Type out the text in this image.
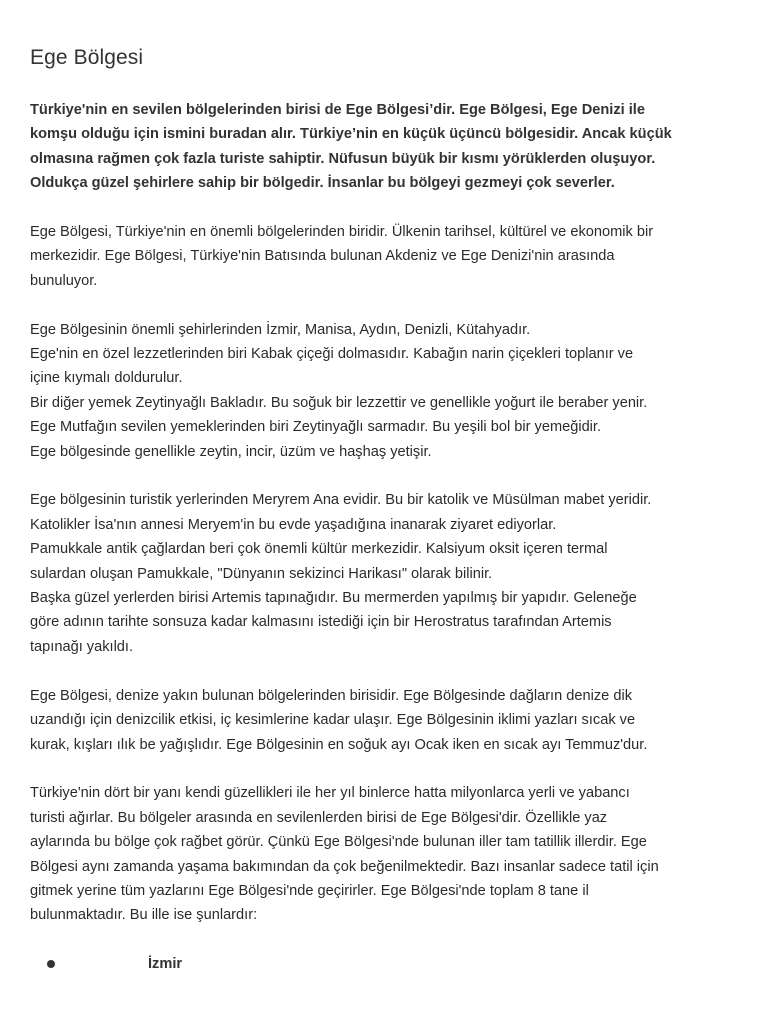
Ege Bölgesi

Türkiye'nin en sevilen bölgelerinden birisi de Ege Bölgesi’dir. Ege Bölgesi, Ege Denizi ile
komşu olduğu için ismini buradan alır. Türkiye’nin en küçük üçüncü bölgesidir. Ancak küçük
olmasına rağmen çok fazla turiste sahiptir. Nüfusun büyük bir kısmı yörüklerden oluşuyor.
Oldukça güzel şehirlere sahip bir bölgedir. İnsanlar bu bölgeyi gezmeyi çok severler.

Ege Bölgesi, Türkiye'nin en önemli bölgelerinden biridir. Ülkenin tarihsel, kültürel ve ekonomik bir
merkezidir. Ege Bölgesi, Türkiye'nin Batısında bulunan Akdeniz ve Ege Denizi'nin arasında
bunuluyor.

Ege Bölgesinin önemli şehirlerinden İzmir, Manisa, Aydın, Denizli, Kütahyadır.
Ege'nin en özel lezzetlerinden biri Kabak çiçeği dolmasıdır. Kabağın narin çiçekleri toplanır ve
içine kıymalı doldurulur.
Bir diğer yemek Zeytinyağlı Bakladır. Bu soğuk bir lezzettir ve genellikle yoğurt ile beraber yenir.
Ege Mutfağın sevilen yemeklerinden biri Zeytinyağlı sarmadır. Bu yeşili bol bir yemeğidir.
Ege bölgesinde genellikle zeytin, incir, üzüm ve haşhaş yetişir.

Ege bölgesinin turistik yerlerinden Meryrem Ana evidir. Bu bir katolik ve Müsülman mabet yeridir.
Katolikler İsa'nın annesi Meryem'in bu evde yaşadığına inanarak ziyaret ediyorlar.
Pamukkale antik çağlardan beri çok önemli kültür merkezidir. Kalsiyum oksit içeren termal
sulardan oluşan Pamukkale, "Dünyanın sekizinci Harikası" olarak bilinir.
Başka güzel yerlerden birisi Artemis tapınağıdır. Bu mermerden yapılmış bir yapıdır. Geleneğe
göre adının tarihte sonsuza kadar kalmasını istediği için bir Herostratus tarafından Artemis
tapınağı yakıldı.

Ege Bölgesi, denize yakın bulunan bölgelerinden birisidir. Ege Bölgesinde dağların denize dik
uzandığı için denizcilik etkisi, iç kesimlerine kadar ulaşır. Ege Bölgesinin iklimi yazları sıcak ve
kurak, kışları ılık be yağışlıdır. Ege Bölgesinin en soğuk ayı Ocak iken en sıcak ayı Temmuz'dur.

Türkiye'nin dört bir yanı kendi güzellikleri ile her yıl binlerce hatta milyonlarca yerli ve yabancı
turisti ağırlar. Bu bölgeler arasında en sevilenlerden birisi de Ege Bölgesi'dir. Özellikle yaz
aylarında bu bölge çok rağbet görür. Çünkü Ege Bölgesi'nde bulunan iller tam tatillik illerdir. Ege
Bölgesi aynı zamanda yaşama bakımından da çok beğenilmektedir. Bazı insanlar sadece tatil için
gitmek yerine tüm yazlarını Ege Bölgesi'nde geçirirler. Ege Bölgesi'nde toplam 8 tane il
bulunmaktadır. Bu ille ise şunlardır:

İzmir
